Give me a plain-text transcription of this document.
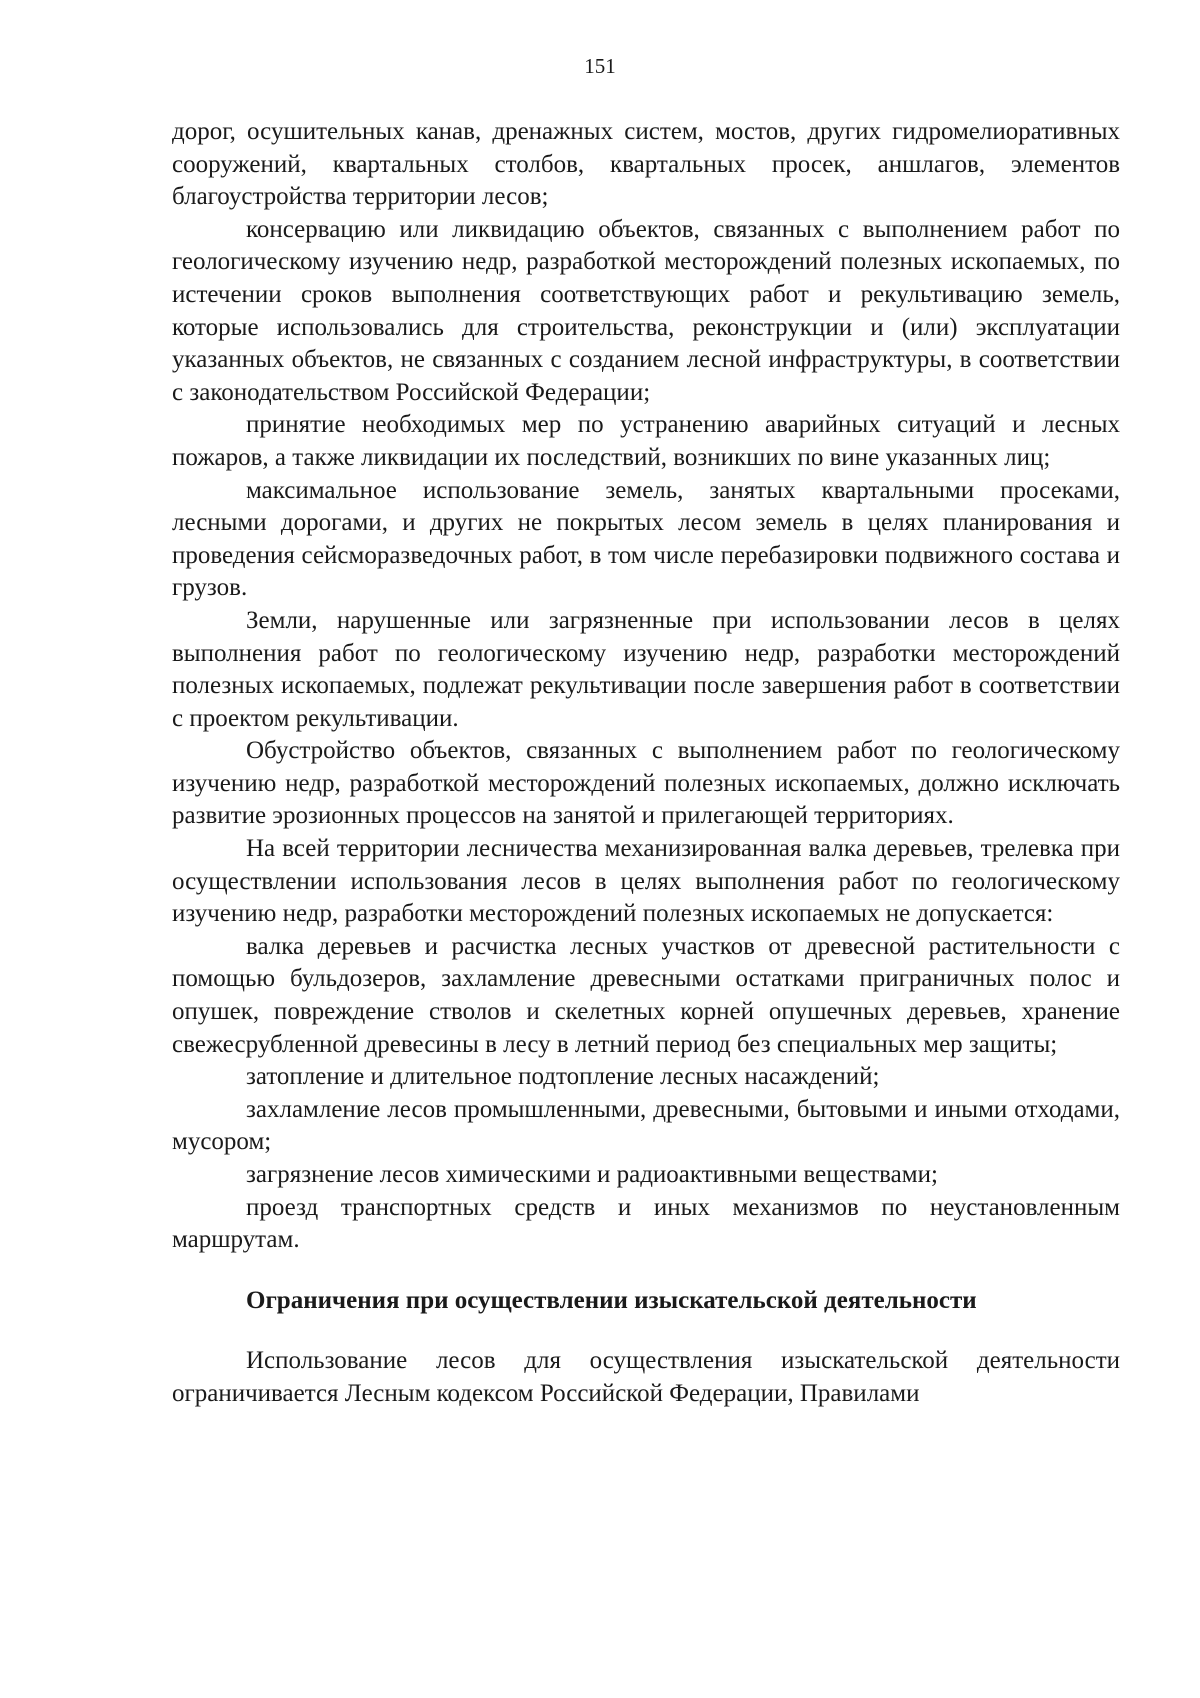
151

дорог, осушительных канав, дренажных систем, мостов, других гидромелиоративных сооружений, квартальных столбов, квартальных просек, аншлагов, элементов благоустройства территории лесов;

консервацию или ликвидацию объектов, связанных с выполнением работ по геологическому изучению недр, разработкой месторождений полезных ископаемых, по истечении сроков выполнения соответствующих работ и рекультивацию земель, которые использовались для строительства, реконструкции и (или) эксплуатации указанных объектов, не связанных с созданием лесной инфраструктуры, в соответствии с законодательством Российской Федерации;

принятие необходимых мер по устранению аварийных ситуаций и лесных пожаров, а также ликвидации их последствий, возникших по вине указанных лиц;

максимальное использование земель, занятых квартальными просеками, лесными дорогами, и других не покрытых лесом земель в целях планирования и проведения сейсморазведочных работ, в том числе перебазировки подвижного состава и грузов.

Земли, нарушенные или загрязненные при использовании лесов в целях выполнения работ по геологическому изучению недр, разработки месторождений полезных ископаемых, подлежат рекультивации после завершения работ в соответствии с проектом рекультивации.

Обустройство объектов, связанных с выполнением работ по геологическому изучению недр, разработкой месторождений полезных ископаемых, должно исключать развитие эрозионных процессов на занятой и прилегающей территориях.

На всей территории лесничества механизированная валка деревьев, трелевка при осуществлении использования лесов в целях выполнения работ по геологическому изучению недр, разработки месторождений полезных ископаемых не допускается:

валка деревьев и расчистка лесных участков от древесной растительности с помощью бульдозеров, захламление древесными остатками приграничных полос и опушек, повреждение стволов и скелетных корней опушечных деревьев, хранение свежесрубленной древесины в лесу в летний период без специальных мер защиты;

затопление и длительное подтопление лесных насаждений;

захламление лесов промышленными, древесными, бытовыми и иными отходами, мусором;

загрязнение лесов химическими и радиоактивными веществами;

проезд транспортных средств и иных механизмов по неустановленным маршрутам.

Ограничения при осуществлении изыскательской деятельности

Использование лесов для осуществления изыскательской деятельности ограничивается Лесным кодексом Российской Федерации, Правилами
